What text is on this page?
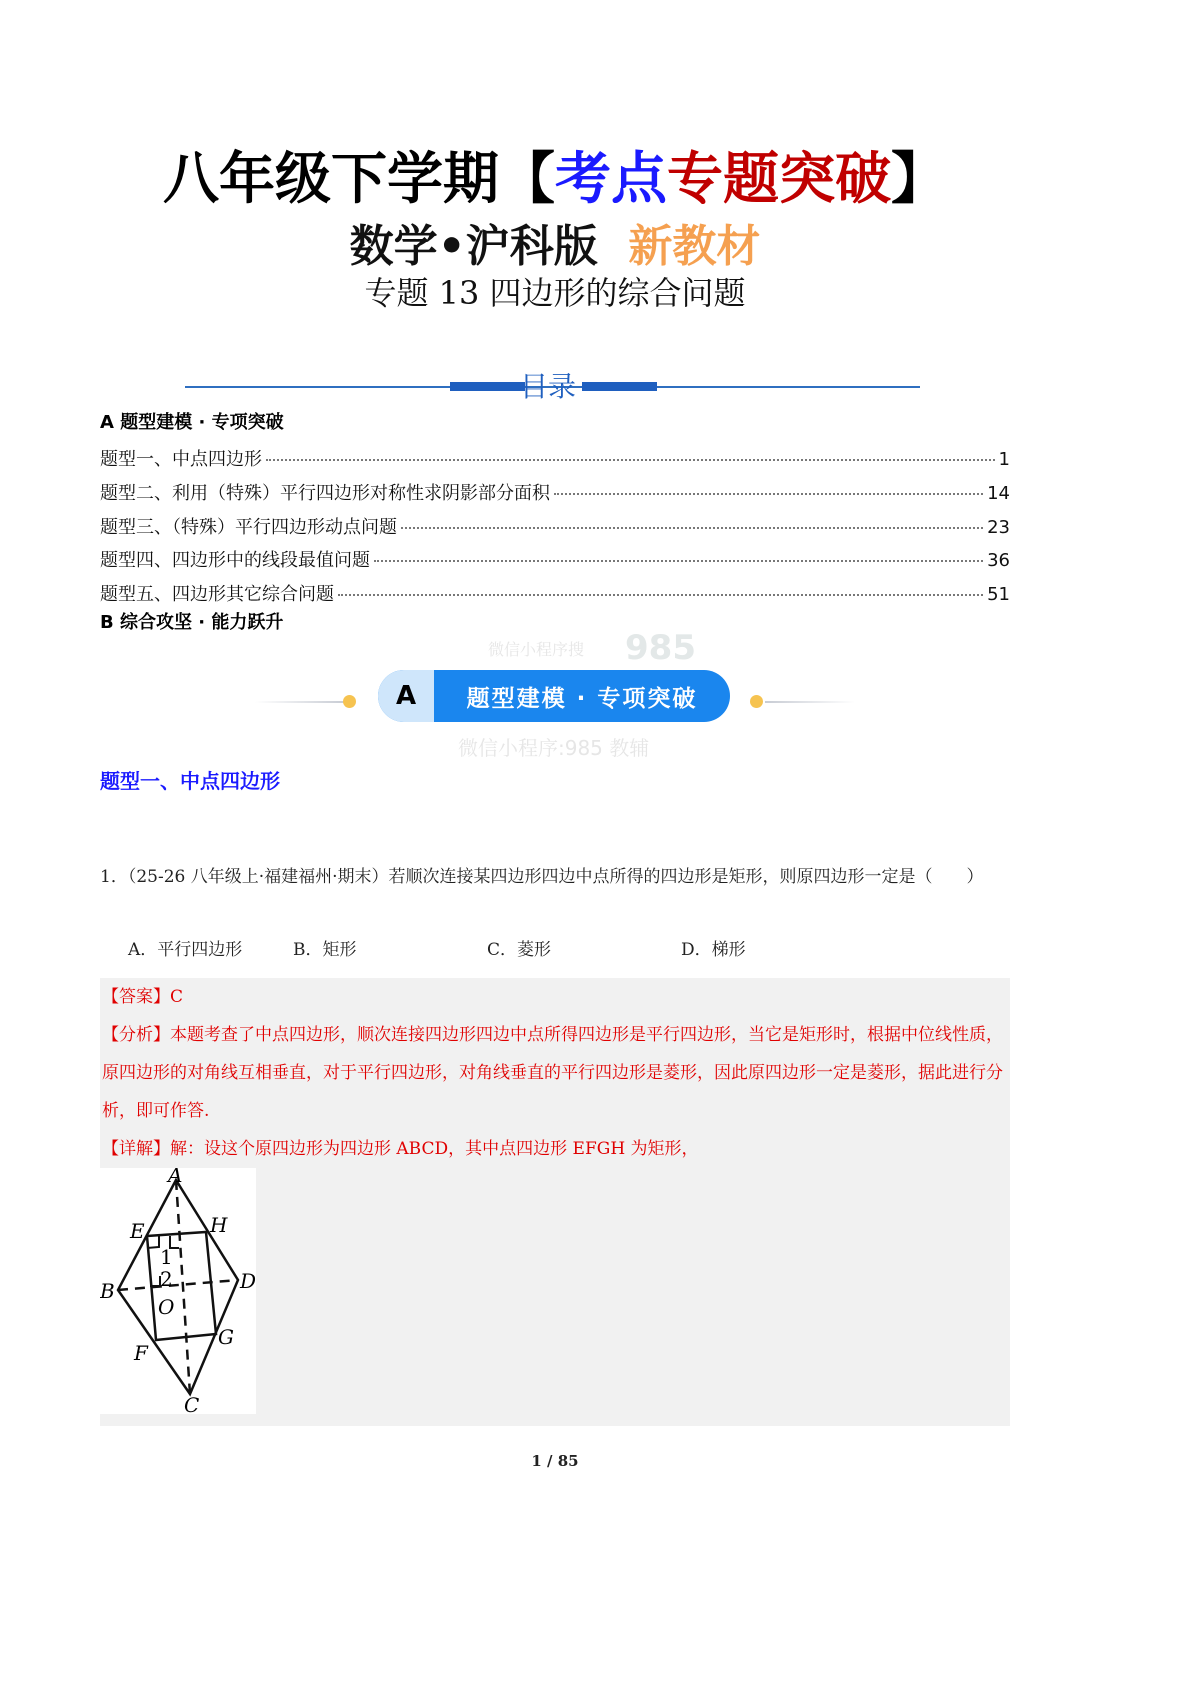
八年级下学期【考点专题突破】
数学•沪科版 新教材
专题 13 四边形的综合问题
目录
A 题型建模 · 专项突破
题型一、中点四边形	1
题型二、利用（特殊）平行四边形对称性求阴影部分面积	14
题型三、（特殊）平行四边形动点问题	23
题型四、四边形中的线段最值问题	36
题型五、四边形其它综合问题	51
B 综合攻坚 · 能力跃升
微信小程序搜 985
A	题型建模 · 专项突破
微信小程序:985 教辅
题型一、中点四边形
1．（25-26 八年级上·福建福州·期末）若顺次连接某四边形四边中点所得的四边形是矩形，则原四边形一定是（　　）
A．平行四边形	B．矩形	C．菱形	D．梯形

【答案】C

【分析】本题考查了中点四边形，顺次连接四边形四边中点所得四边形是平行四边形，当它是矩形时，根据中位线性质，原四边形的对角线互相垂直，对于平行四边形，对角线垂直的平行四边形是菱形，因此原四边形一定是菱形，据此进行分析，即可作答.

【详解】解：设这个原四边形为四边形 ABCD，其中点四边形 EFGH 为矩形，

A
B
C
D
E
F
G
H
O
1
2
1 / 85
